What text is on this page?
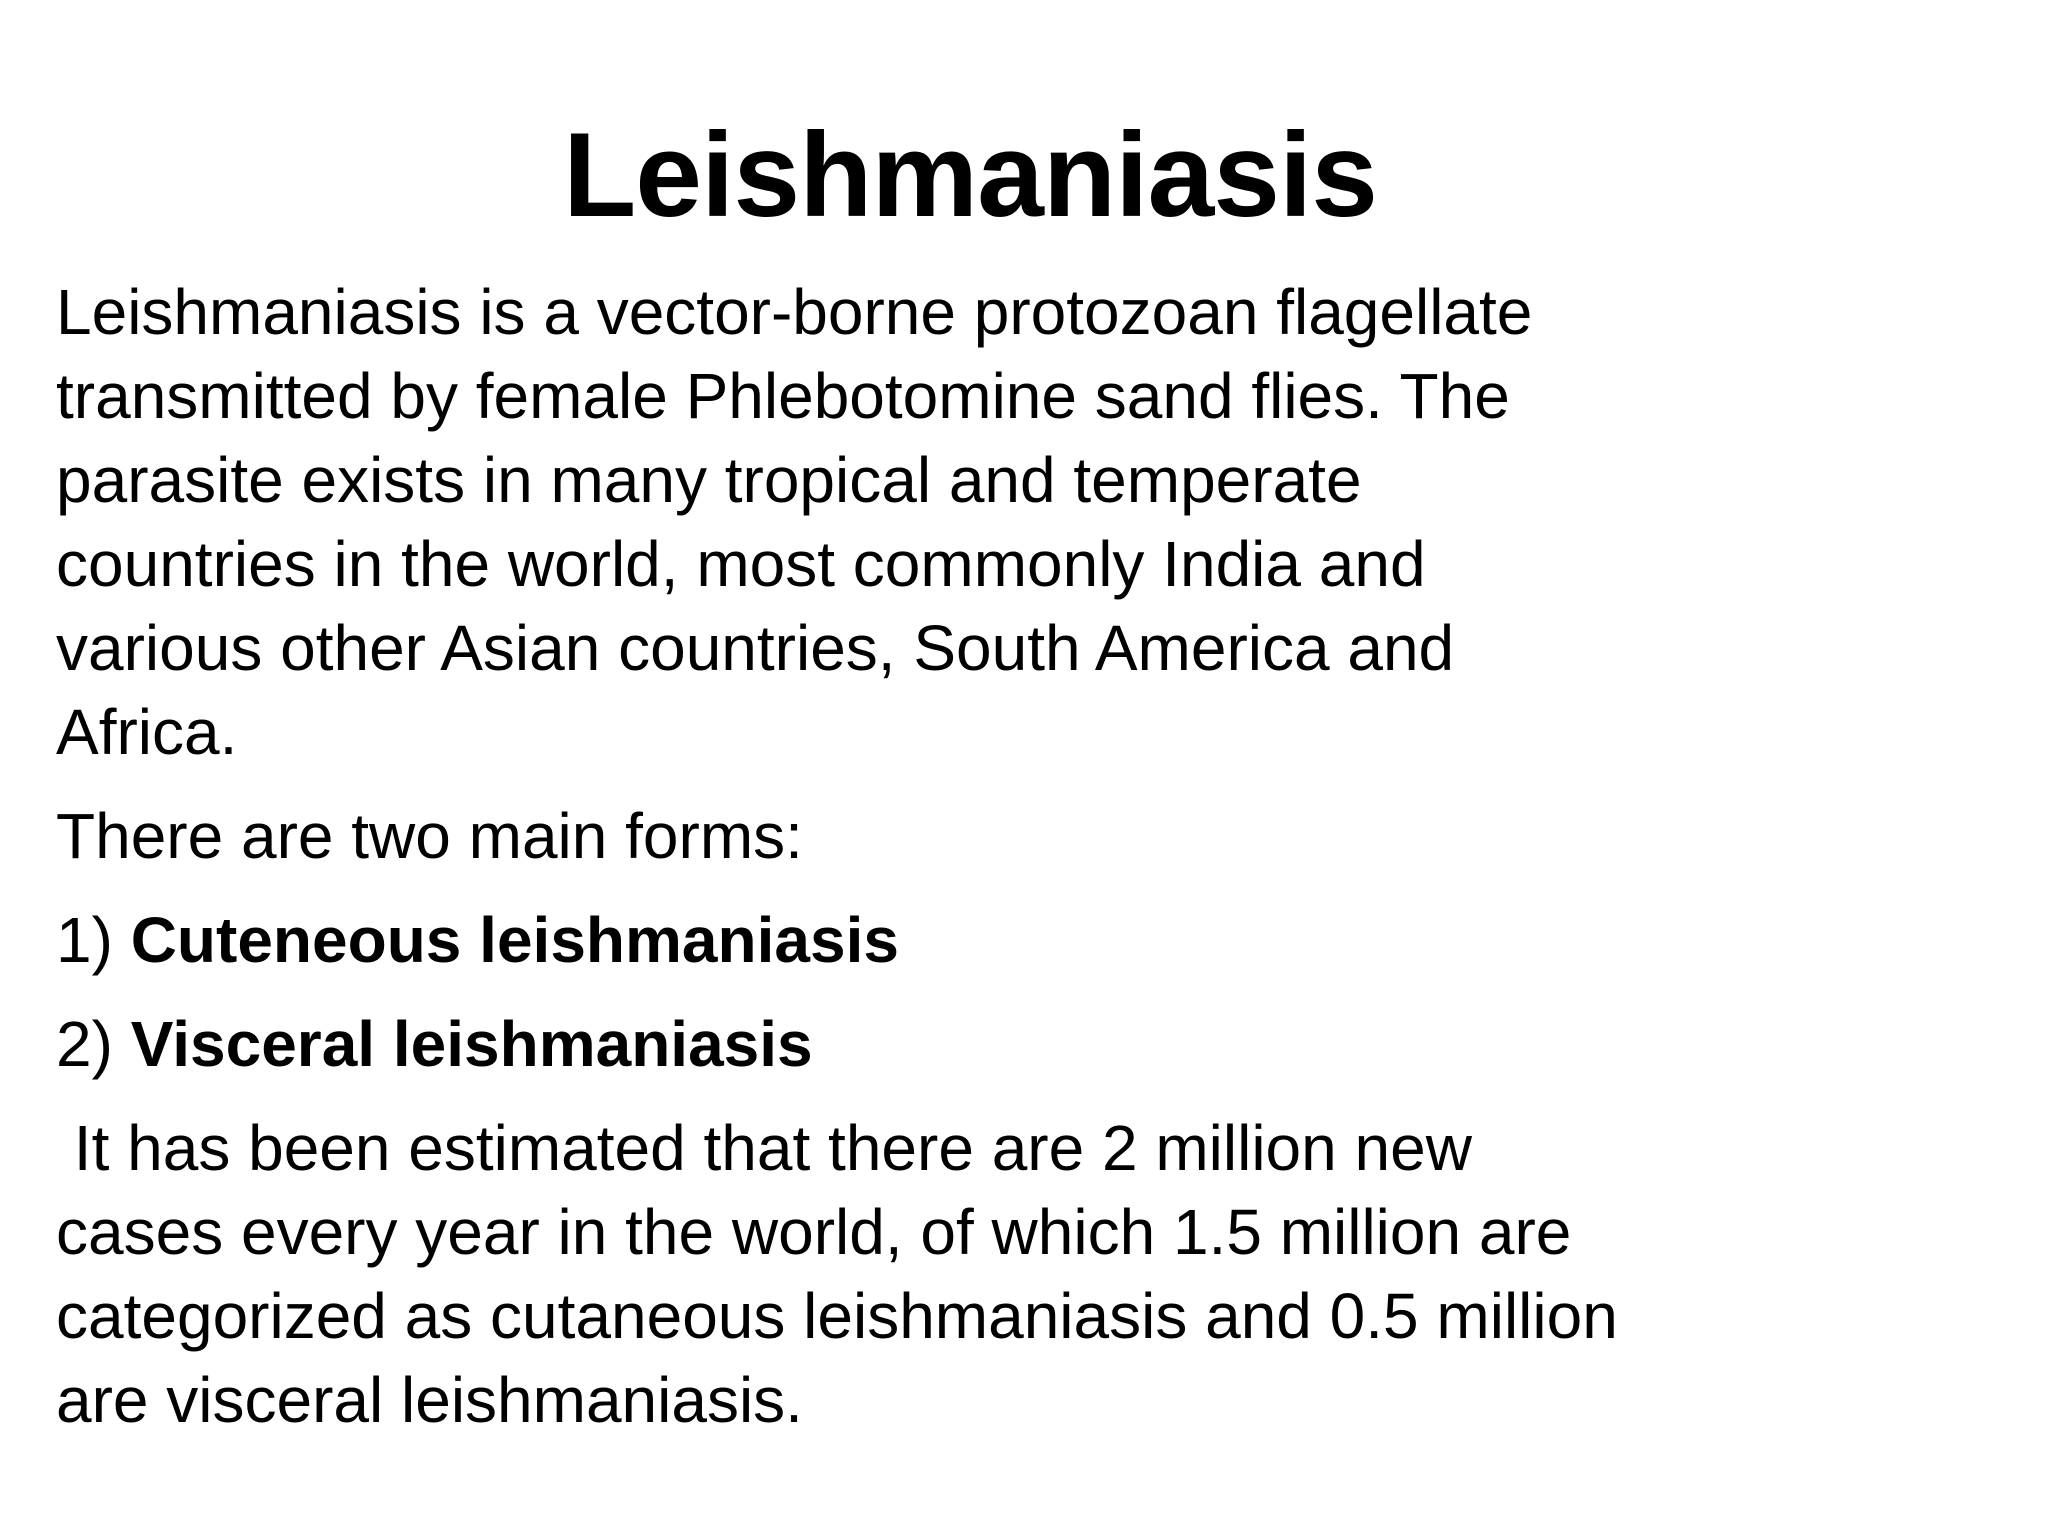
Leishmaniasis

Leishmaniasis is a vector-borne protozoan flagellate
transmitted by female Phlebotomine sand flies. The
parasite exists in many tropical and temperate
countries in the world, most commonly India and
various other Asian countries, South America and
Africa.

There are two main forms:

1) Cuteneous leishmaniasis

2) Visceral leishmaniasis

It has been estimated that there are 2 million new
cases every year in the world, of which 1.5 million are
categorized as cutaneous leishmaniasis and 0.5 million
are visceral leishmaniasis.
